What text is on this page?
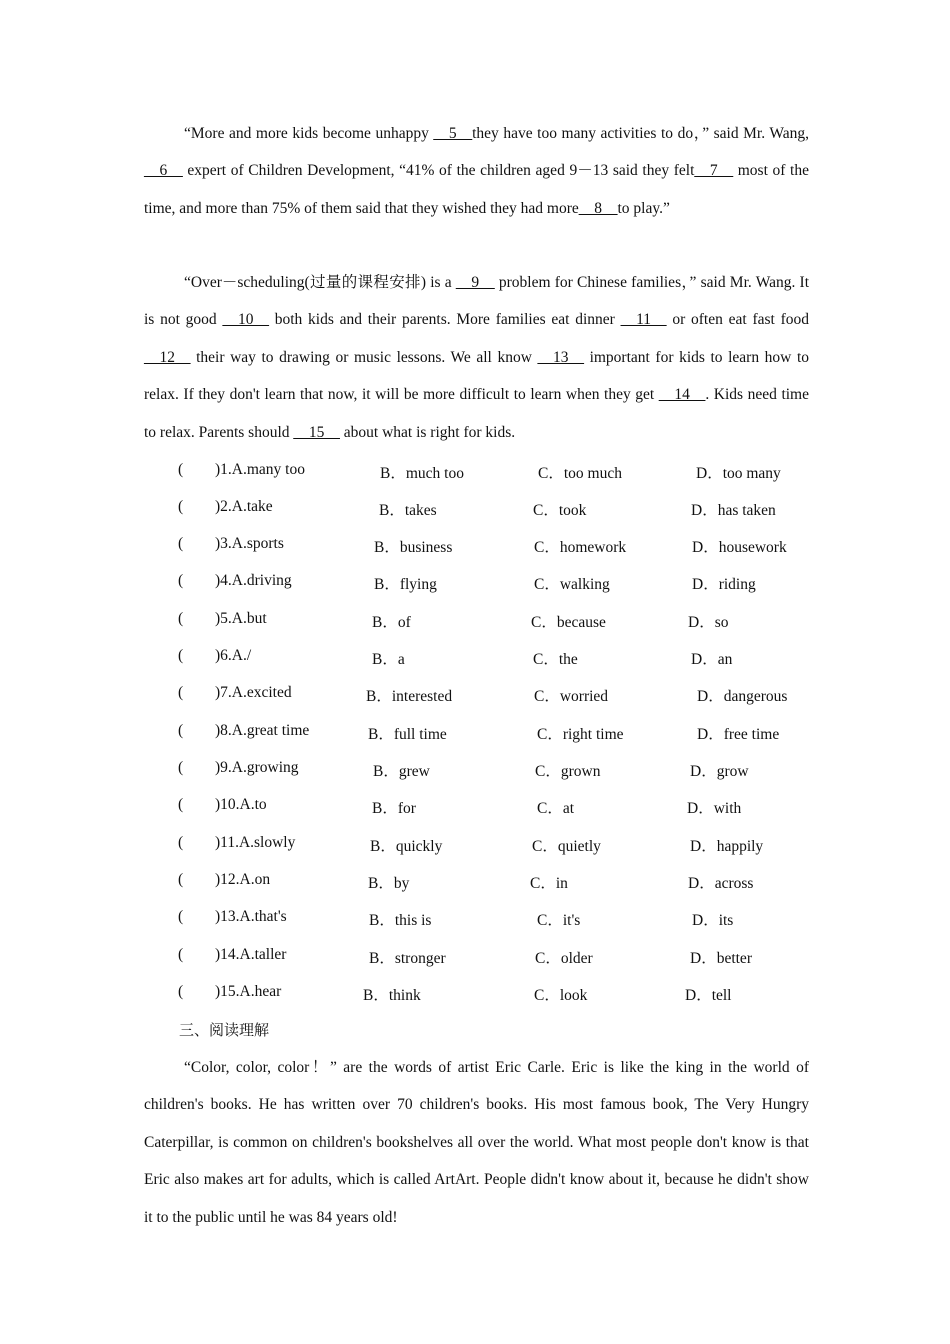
“More and more kids become unhappy __5__they have too many activities to do，” said Mr. Wang, __6__ expert of Children Development, “41% of the children aged 9－13 said they felt__7__ most of the time, and more than 75% of them said that they wished they had more__8__to play.”

“Over－scheduling(过量的课程安排) is a __9__ problem for Chinese families，” said Mr. Wang. It is not good __10__ both kids and their parents. More families eat dinner __11__ or often eat fast food __12__ their way to drawing or music lessons. We all know __13__ important for kids to learn how to relax. If they don't learn that now, it will be more difficult to learn when they get __14__. Kids need time to relax. Parents should __15__ about what is right for kids.

( )1.A.many too	B．much too	C．too much	D．too many
( )2.A.take	B．takes	C．took	D．has taken
( )3.A.sports	B．business	C．homework	D．housework
( )4.A.driving	B．flying	C．walking	D．riding
( )5.A.but	B．of	C．because	D．so
( )6.A./	B．a	C．the	D．an
( )7.A.excited	B．interested	C．worried	D．dangerous
( )8.A.great time	B．full time	C．right time	D．free time
( )9.A.growing	B．grew	C．grown	D．grow
( )10.A.to	B．for	C．at	D．with
( )11.A.slowly	B．quickly	C．quietly	D．happily
( )12.A.on	B．by	C．in	D．across
( )13.A.that's	B．this is	C．it's	D．its
( )14.A.taller	B．stronger	C．older	D．better
( )15.A.hear	B．think	C．look	D．tell
三、阅读理解

“Color, color, color！” are the words of artist Eric Carle. Eric is like the king in the world of children's books. He has written over 70 children's books. His most famous book, The Very Hungry Caterpillar, is common on children's bookshelves all over the world. What most people don't know is that Eric also makes art for adults, which is called ArtArt. People didn't know about it, because he didn't show it to the public until he was 84 years old!
